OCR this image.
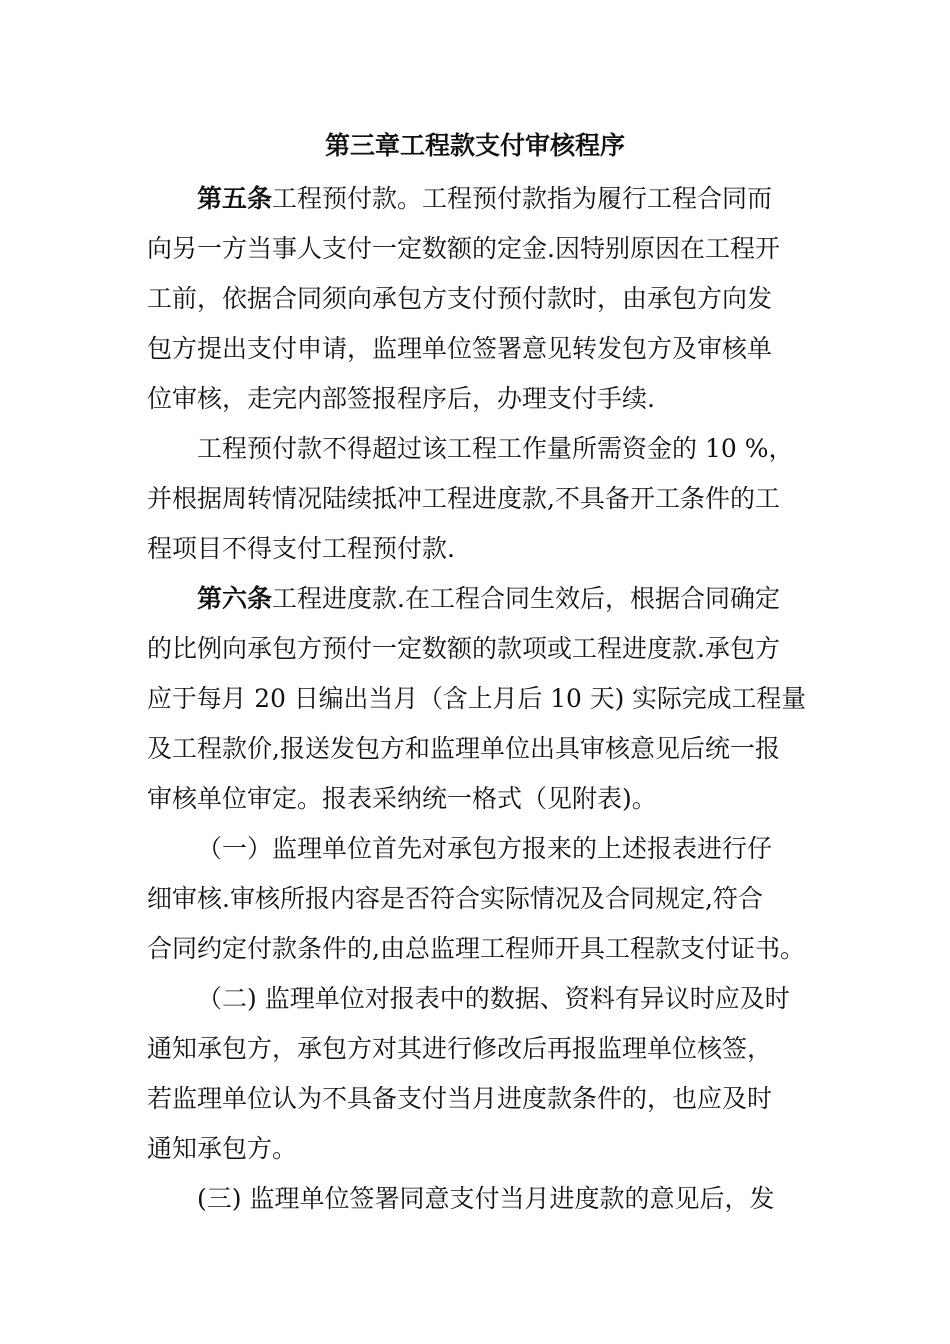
第三章工程款支付审核程序
第五条工程预付款。工程预付款指为履行工程合同而
向另一方当事人支付一定数额的定金.因特别原因在工程开
工前，依据合同须向承包方支付预付款时，由承包方向发
包方提出支付申请，监理单位签署意见转发包方及审核单
位审核，走完内部签报程序后，办理支付手续.
工程预付款不得超过该工程工作量所需资金的 10 %，
并根据周转情况陆续抵冲工程进度款,不具备开工条件的工
程项目不得支付工程预付款.
第六条工程进度款.在工程合同生效后，根据合同确定
的比例向承包方预付一定数额的款项或工程进度款.承包方
应于每月 20 日编出当月（含上月后 10 天) 实际完成工程量
及工程款价,报送发包方和监理单位出具审核意见后统一报
审核单位审定。报表采纳统一格式（见附表)。
（一）监理单位首先对承包方报来的上述报表进行仔
细审核.审核所报内容是否符合实际情况及合同规定,符合
合同约定付款条件的,由总监理工程师开具工程款支付证书。
（二) 监理单位对报表中的数据、资料有异议时应及时
通知承包方，承包方对其进行修改后再报监理单位核签，
若监理单位认为不具备支付当月进度款条件的，也应及时
通知承包方。
(三) 监理单位签署同意支付当月进度款的意见后，发
